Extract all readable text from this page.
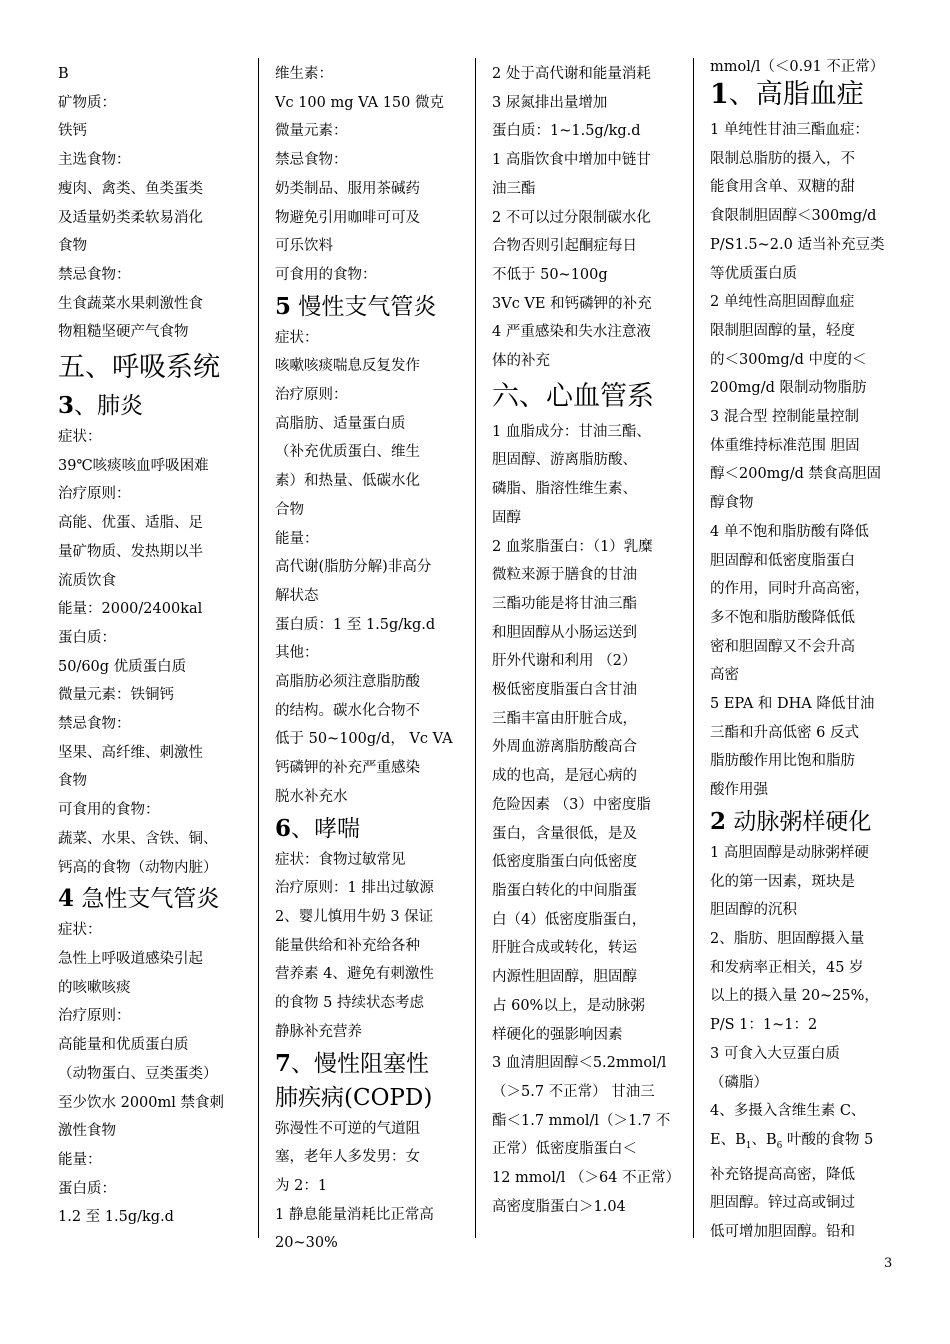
B
矿物质：
铁钙
主选食物：
瘦肉、禽类、鱼类蛋类
及适量奶类柔软易消化
食物
禁忌食物：
生食蔬菜水果刺激性食
物粗糙坚硬产气食物
五、呼吸系统
3、肺炎
症状：
39℃咳痰咳血呼吸困难
治疗原则：
高能、优蛋、适脂、足
量矿物质、发热期以半
流质饮食
能量：2000/2400kal
蛋白质：
50/60g 优质蛋白质
微量元素：铁铜钙
禁忌食物：
坚果、高纤维、刺激性
食物
可食用的食物：
蔬菜、水果、含铁、铜、
钙高的食物（动物内脏）
4 急性支气管炎
症状：
急性上呼吸道感染引起
的咳嗽咳痰
治疗原则：
高能量和优质蛋白质
（动物蛋白、豆类蛋类）
至少饮水 2000ml 禁食刺
激性食物
能量：
蛋白质：
1.2 至 1.5g/kg.d
维生素：
Vc 100 mg VA 150 微克
微量元素：
禁忌食物：
奶类制品、服用茶碱药
物避免引用咖啡可可及
可乐饮料
可食用的食物：
5 慢性支气管炎
症状：
咳嗽咳痰喘息反复发作
治疗原则：
高脂肪、适量蛋白质
（补充优质蛋白、维生
素）和热量、低碳水化
合物
能量：
高代谢(脂肪分解)非高分
解状态
蛋白质：1 至 1.5g/kg.d
其他：
高脂肪必须注意脂肪酸
的结构。碳水化合物不
低于 50~100g/d， Vc VA
钙磷钾的补充严重感染
脱水补充水
6、哮喘
症状：食物过敏常见
治疗原则：1 排出过敏源
2、婴儿慎用牛奶 3 保证
能量供给和补充给各种
营养素 4、避免有刺激性
的食物 5 持续状态考虑
静脉补充营养
7、慢性阻塞性
肺疾病(COPD)
弥漫性不可逆的气道阻
塞，老年人多发男：女
为 2：1
1 静息能量消耗比正常高
20~30%
2 处于高代谢和能量消耗
3 尿氮排出量增加
蛋白质：1~1.5g/kg.d
1 高脂饮食中增加中链甘
油三酯
2 不可以过分限制碳水化
合物否则引起酮症每日
不低于 50~100g
3Vc VE 和钙磷钾的补充
4 严重感染和失水注意液
体的补充
六、心血管系
1 血脂成分：甘油三酯、
胆固醇、游离脂肪酸、
磷脂、脂溶性维生素、
固醇
2 血浆脂蛋白：（1）乳糜
微粒来源于膳食的甘油
三酯功能是将甘油三酯
和胆固醇从小肠运送到
肝外代谢和利用 （2）
极低密度脂蛋白含甘油
三酯丰富由肝脏合成，
外周血游离脂肪酸高合
成的也高，是冠心病的
危险因素 （3）中密度脂
蛋白，含量很低，是及
低密度脂蛋白向低密度
脂蛋白转化的中间脂蛋
白（4）低密度脂蛋白，
肝脏合成或转化，转运
内源性胆固醇，胆固醇
占 60%以上，是动脉粥
样硬化的强影响因素
3 血清胆固醇＜5.2mmol/l
（＞5.7 不正常） 甘油三
酯＜1.7 mmol/l（＞1.7 不
正常）低密度脂蛋白＜
12 mmol/l （＞64 不正常）
高密度脂蛋白＞1.04
mmol/l（＜0.91 不正常）
1、高脂血症
1 单纯性甘油三酯血症：
限制总脂肪的摄入，不
能食用含单、双糖的甜
食限制胆固醇＜300mg/d
P/S1.5~2.0 适当补充豆类
等优质蛋白质
2 单纯性高胆固醇血症
限制胆固醇的量，轻度
的＜300mg/d 中度的＜
200mg/d 限制动物脂肪
3 混合型 控制能量控制
体重维持标准范围 胆固
醇＜200mg/d 禁食高胆固
醇食物
4 单不饱和脂肪酸有降低
胆固醇和低密度脂蛋白
的作用，同时升高高密，
多不饱和脂肪酸降低低
密和胆固醇又不会升高
高密
5 EPA 和 DHA 降低甘油
三酯和升高低密 6 反式
脂肪酸作用比饱和脂肪
酸作用强
2 动脉粥样硬化
1 高胆固醇是动脉粥样硬
化的第一因素，斑块是
胆固醇的沉积
2、脂肪、胆固醇摄入量
和发病率正相关，45 岁
以上的摄入量 20~25%，
P/S 1：1~1：2
3 可食入大豆蛋白质
（磷脂）
4、多摄入含维生素 C、
E、$B_1$、$B_6$ 叶酸的食物 5
补充铬提高高密，降低
胆固醇。锌过高或铜过
低可增加胆固醇。铅和
3
